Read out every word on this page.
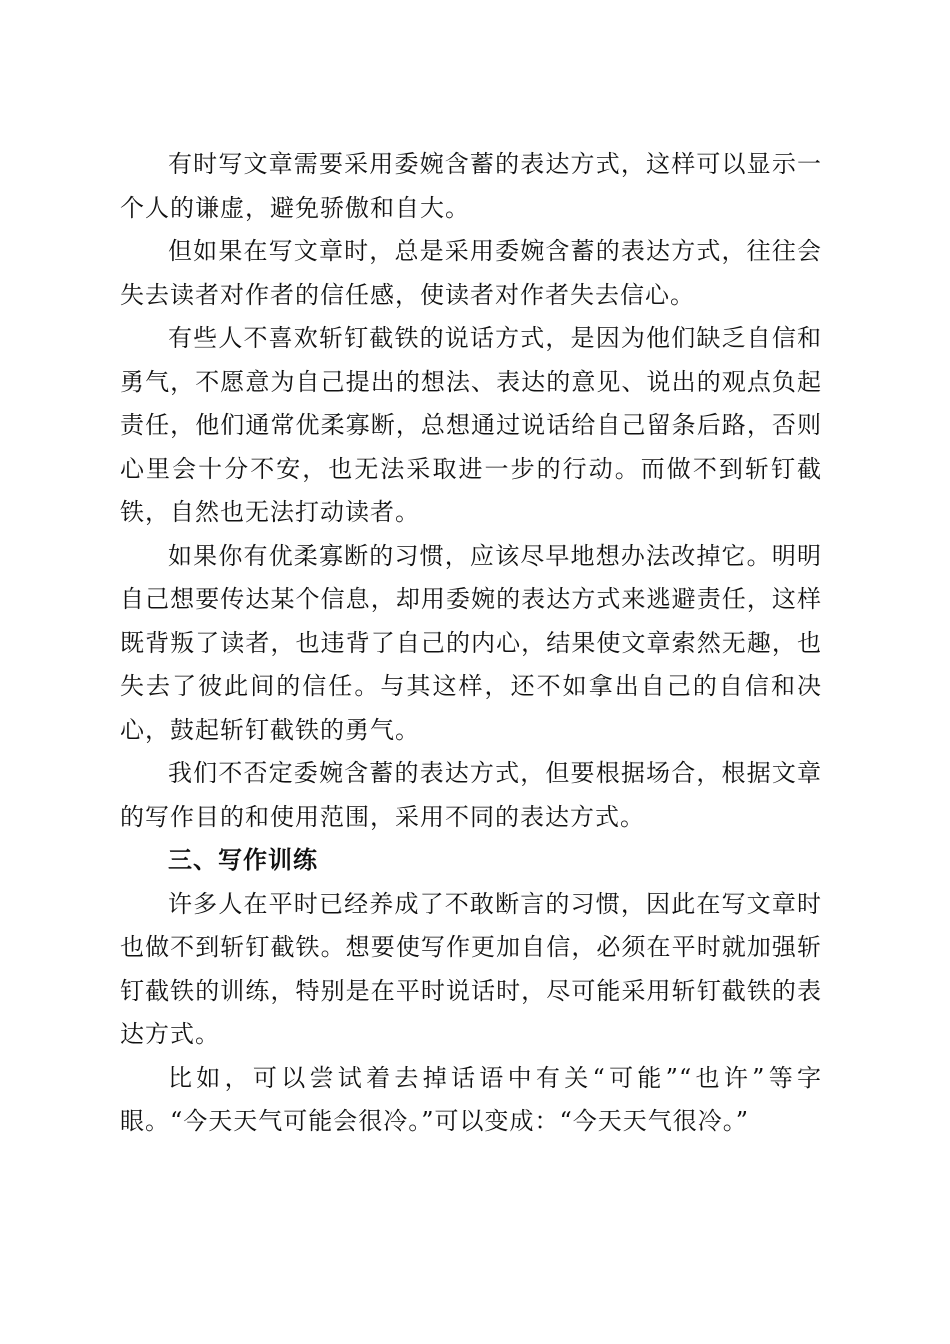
有时写文章需要采用委婉含蓄的表达方式，这样可以显示一个人的谦虚，避免骄傲和自大。

但如果在写文章时，总是采用委婉含蓄的表达方式，往往会失去读者对作者的信任感，使读者对作者失去信心。

有些人不喜欢斩钉截铁的说话方式，是因为他们缺乏自信和勇气，不愿意为自己提出的想法、表达的意见、说出的观点负起责任，他们通常优柔寡断，总想通过说话给自己留条后路，否则心里会十分不安，也无法采取进一步的行动。而做不到斩钉截铁，自然也无法打动读者。

如果你有优柔寡断的习惯，应该尽早地想办法改掉它。明明自己想要传达某个信息，却用委婉的表达方式来逃避责任，这样既背叛了读者，也违背了自己的内心，结果使文章索然无趣，也失去了彼此间的信任。与其这样，还不如拿出自己的自信和决心，鼓起斩钉截铁的勇气。

我们不否定委婉含蓄的表达方式，但要根据场合，根据文章的写作目的和使用范围，采用不同的表达方式。

三、写作训练

许多人在平时已经养成了不敢断言的习惯，因此在写文章时也做不到斩钉截铁。想要使写作更加自信，必须在平时就加强斩钉截铁的训练，特别是在平时说话时，尽可能采用斩钉截铁的表达方式。

比如，可以尝试着去掉话语中有关“可能”“也许”等字眼。“今天天气可能会很冷。”可以变成：“今天天气很冷。”
